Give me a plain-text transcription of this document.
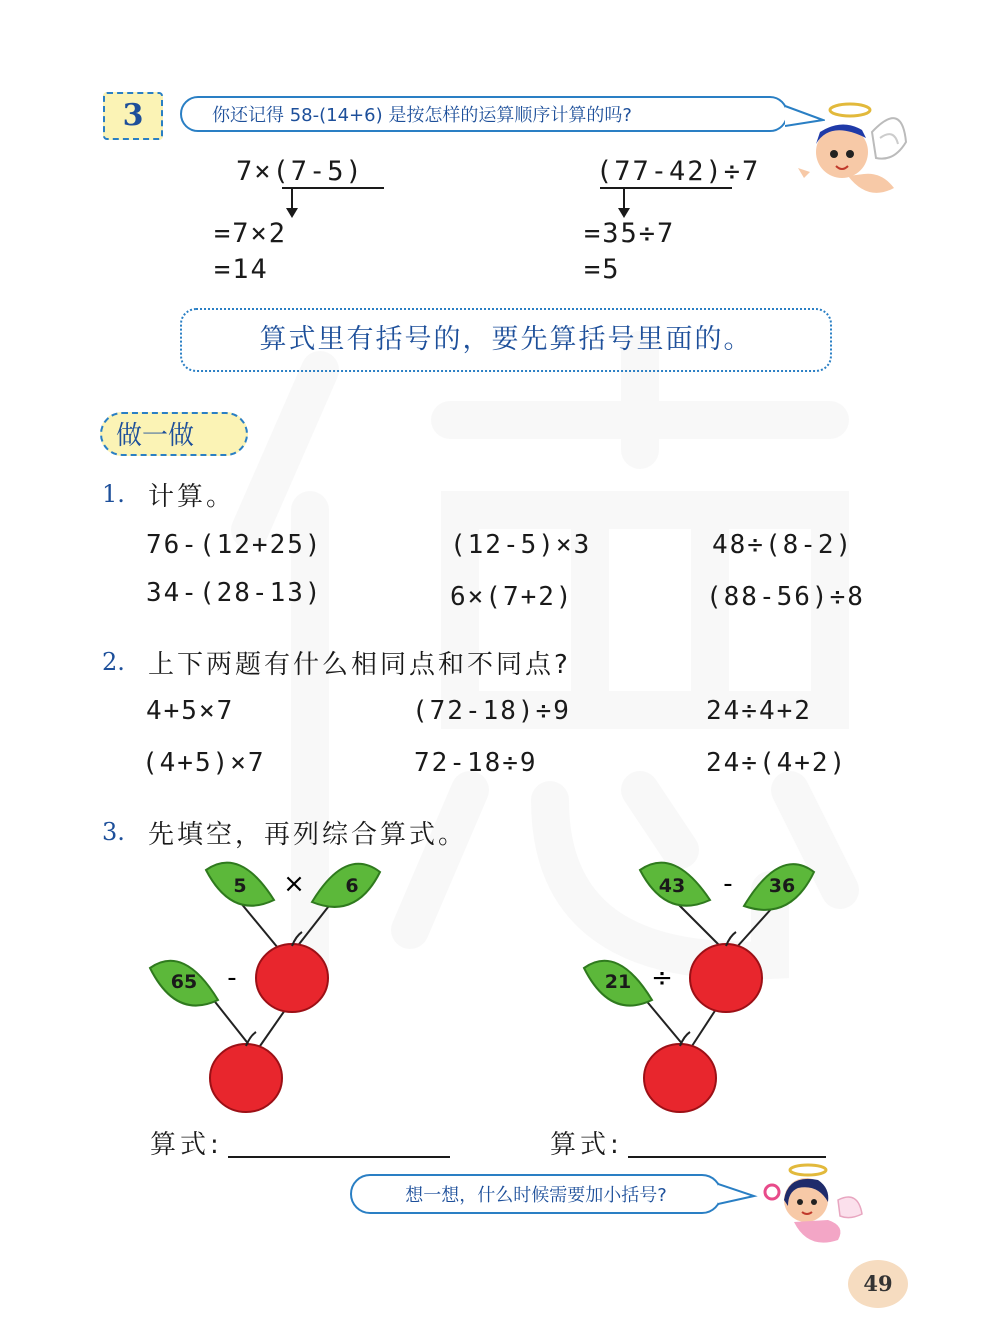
3	你还记得 58-(14+6) 是按怎样的运算顺序计算的吗?
7×(7-5)
=7×2
=14
(77-42)÷7
=35÷7
=5
算式里有括号的，要先算括号里面的。
做一做
1. 计算。
76-(12+25)	(12-5)×3	48÷(8-2)
34-(28-13)	6×(7+2)	(88-56)÷8
2. 上下两题有什么相同点和不同点?
4+5×7	(72-18)÷9	24÷4+2
(4+5)×7	72-18÷9	24÷(4+2)
3. 先填空，再列综合算式。
5	6
65
×
-
43	36
21
-
÷
算式:	算式:
想一想，什么时候需要加小括号?
49
